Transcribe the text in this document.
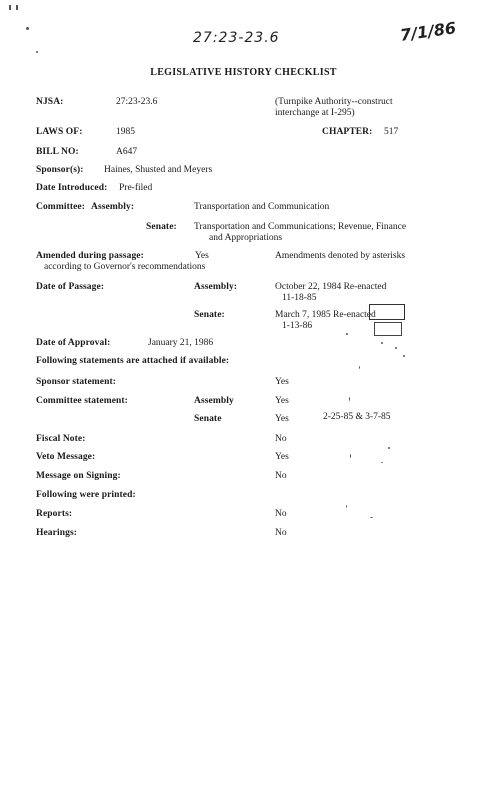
27:23-23.6	7/1/86
LEGISLATIVE HISTORY CHECKLIST
NJSA:	27:23-23.6	(Turnpike Authority--construct
interchange at I-295)
LAWS OF:	1985	CHAPTER: 517
BILL NO:	A647
Sponsor(s): Haines, Shusted and Meyers
Date Introduced: Pre-filed
Committee: Assembly:	Transportation and Communication
Senate: Transportation and Communications; Revenue, Finance
and Appropriations
Amended during passage:	Yes	Amendments denoted by asterisks
according to Governor's recommendations
Date of Passage:	Assembly:	October 22, 1984 Re-enacted
11-18-85
Senate:	March 7, 1985 Re-enacted
1-13-86
Date of Approval:	January 21, 1986
Following statements are attached if available:
Sponsor statement:	Yes
Committee statement:	Assembly	Yes
Senate	Yes	2-25-85 & 3-7-85
Fiscal Note:	No
Veto Message:	Yes
Message on Signing:	No
Following were printed:
Reports:	No
Hearings:	No
